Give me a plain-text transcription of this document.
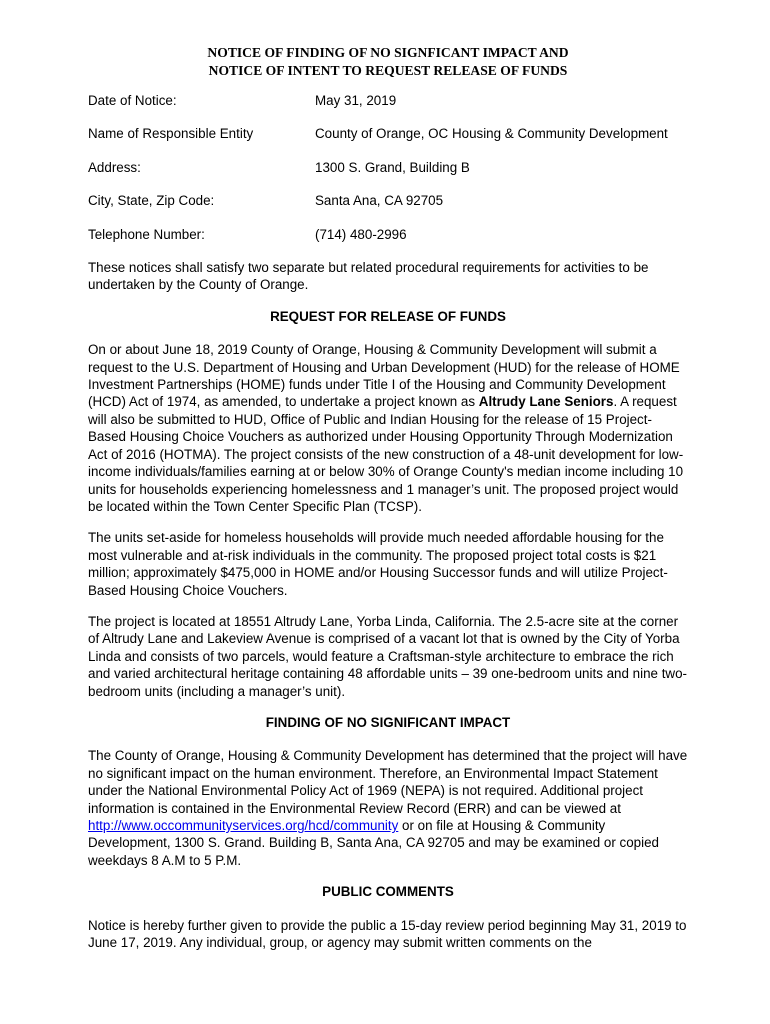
NOTICE OF FINDING OF NO SIGNFICANT IMPACT AND
NOTICE OF INTENT TO REQUEST RELEASE OF FUNDS
Date of Notice:	May 31, 2019
Name of Responsible Entity	County of Orange, OC Housing & Community Development
Address:	1300 S. Grand, Building B
City, State, Zip Code:	Santa Ana, CA 92705
Telephone Number:	(714) 480-2996

These notices shall satisfy two separate but related procedural requirements for activities to be undertaken by the County of Orange.

REQUEST FOR RELEASE OF FUNDS

On or about June 18, 2019 County of Orange, Housing & Community Development will submit a request to the U.S. Department of Housing and Urban Development (HUD) for the release of HOME Investment Partnerships (HOME) funds under Title I of the Housing and Community Development (HCD) Act of 1974, as amended, to undertake a project known as Altrudy Lane Seniors. A request will also be submitted to HUD, Office of Public and Indian Housing for the release of 15 Project-Based Housing Choice Vouchers as authorized under Housing Opportunity Through Modernization Act of 2016 (HOTMA). The project consists of the new construction of a 48-unit development for low-income individuals/families earning at or below 30% of Orange County's median income including 10 units for households experiencing homelessness and 1 manager’s unit. The proposed project would be located within the Town Center Specific Plan (TCSP).

The units set-aside for homeless households will provide much needed affordable housing for the most vulnerable and at-risk individuals in the community. The proposed project total costs is $21 million; approximately $475,000 in HOME and/or Housing Successor funds and will utilize Project-Based Housing Choice Vouchers.

The project is located at 18551 Altrudy Lane, Yorba Linda, California. The 2.5-acre site at the corner of Altrudy Lane and Lakeview Avenue is comprised of a vacant lot that is owned by the City of Yorba Linda and consists of two parcels, would feature a Craftsman-style architecture to embrace the rich and varied architectural heritage containing 48 affordable units – 39 one-bedroom units and nine two-bedroom units (including a manager’s unit).

FINDING OF NO SIGNIFICANT IMPACT

The County of Orange, Housing & Community Development has determined that the project will have no significant impact on the human environment. Therefore, an Environmental Impact Statement under the National Environmental Policy Act of 1969 (NEPA) is not required. Additional project information is contained in the Environmental Review Record (ERR) and can be viewed at http://www.occommunityservices.org/hcd/community or on file at Housing & Community Development, 1300 S. Grand. Building B, Santa Ana, CA 92705 and may be examined or copied weekdays 8 A.M to 5 P.M.

PUBLIC COMMENTS

Notice is hereby further given to provide the public a 15-day review period beginning May 31, 2019 to June 17, 2019. Any individual, group, or agency may submit written comments on the
